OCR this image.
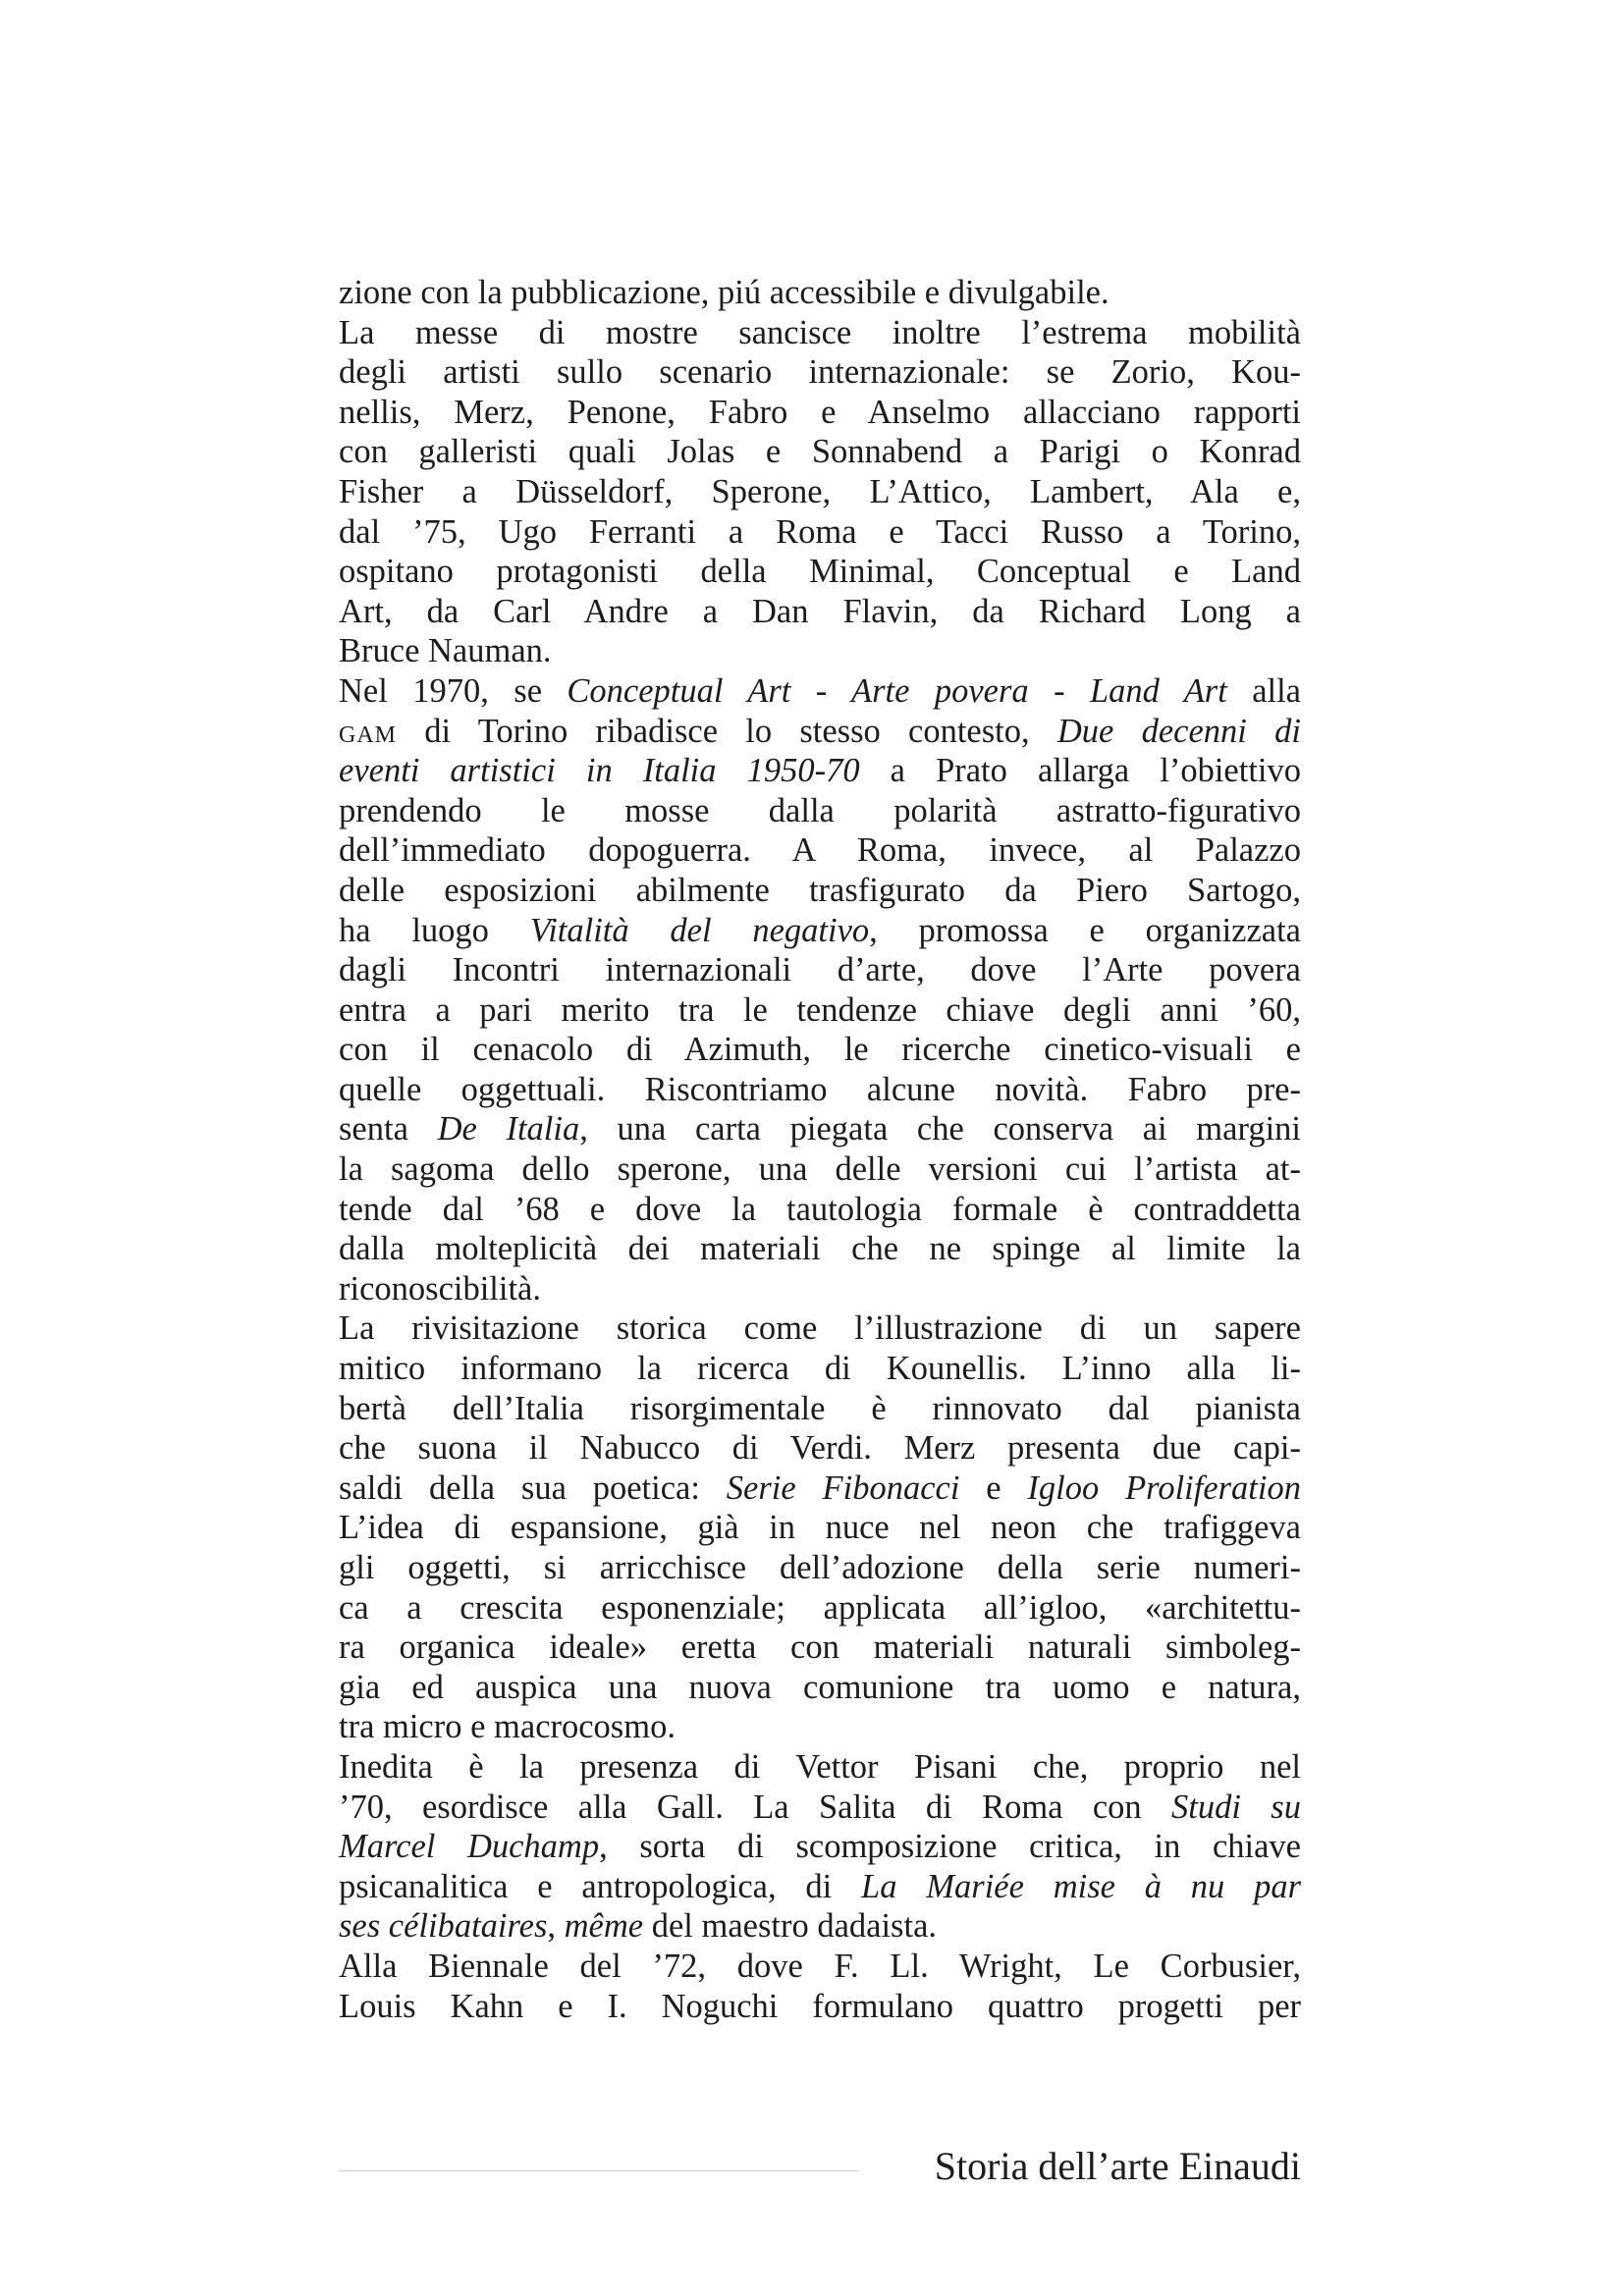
zione con la pubblicazione, piú accessibile e divulgabile.

La messe di mostre sancisce inoltre l’estrema mobilità
degli artisti sullo scenario internazionale: se Zorio, Kou-
nellis, Merz, Penone, Fabro e Anselmo allacciano rapporti
con galleristi quali Jolas e Sonnabend a Parigi o Konrad
Fisher a Düsseldorf, Sperone, L’Attico, Lambert, Ala e,
dal ’75, Ugo Ferranti a Roma e Tacci Russo a Torino,
ospitano protagonisti della Minimal, Conceptual e Land
Art, da Carl Andre a Dan Flavin, da Richard Long a
Bruce Nauman.

Nel 1970, se Conceptual Art - Arte povera - Land Art alla
gam di Torino ribadisce lo stesso contesto, Due decenni di
eventi artistici in Italia 1950-70 a Prato allarga l’obiettivo
prendendo le mosse dalla polarità astratto-figurativo
dell’immediato dopoguerra. A Roma, invece, al Palazzo
delle esposizioni abilmente trasfigurato da Piero Sartogo,
ha luogo Vitalità del negativo, promossa e organizzata
dagli Incontri internazionali d’arte, dove l’Arte povera
entra a pari merito tra le tendenze chiave degli anni ’60,
con il cenacolo di Azimuth, le ricerche cinetico-visuali e
quelle oggettuali. Riscontriamo alcune novità. Fabro pre-
senta De Italia, una carta piegata che conserva ai margini
la sagoma dello sperone, una delle versioni cui l’artista at-
tende dal ’68 e dove la tautologia formale è contraddetta
dalla molteplicità dei materiali che ne spinge al limite la
riconoscibilità.

La rivisitazione storica come l’illustrazione di un sapere
mitico informano la ricerca di Kounellis. L’inno alla li-
bertà dell’Italia risorgimentale è rinnovato dal pianista
che suona il Nabucco di Verdi. Merz presenta due capi-
saldi della sua poetica: Serie Fibonacci e Igloo Proliferation
L’idea di espansione, già in nuce nel neon che trafiggeva
gli oggetti, si arricchisce dell’adozione della serie numeri-
ca a crescita esponenziale; applicata all’igloo, «architettu-
ra organica ideale» eretta con materiali naturali simboleg-
gia ed auspica una nuova comunione tra uomo e natura,
tra micro e macrocosmo.

Inedita è la presenza di Vettor Pisani che, proprio nel
’70, esordisce alla Gall. La Salita di Roma con Studi su
Marcel Duchamp, sorta di scomposizione critica, in chiave
psicanalitica e antropologica, di La Mariée mise à nu par
ses célibataires, même del maestro dadaista.

Alla Biennale del ’72, dove F. Ll. Wright, Le Corbusier,
Louis Kahn e I. Noguchi formulano quattro progetti per

Storia dell’arte Einaudi
